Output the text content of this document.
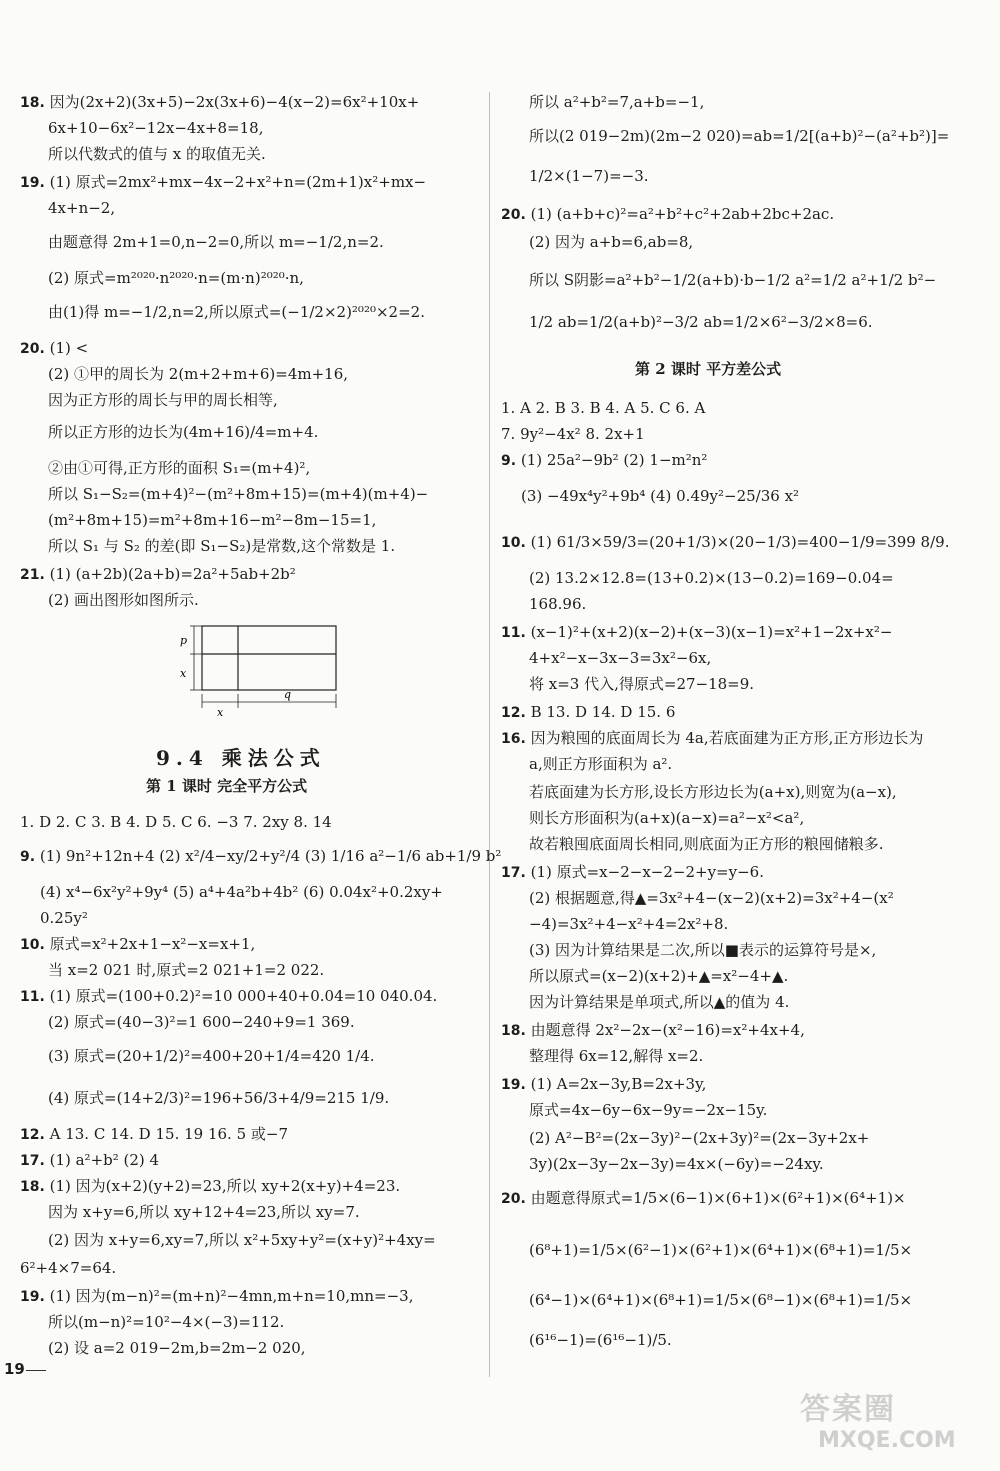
18. 因为(2x+2)(3x+5)−2x(3x+6)−4(x−2)=6x²+10x+
6x+10−6x²−12x−4x+8=18,
所以代数式的值与 x 的取值无关.
19. (1) 原式=2mx²+mx−4x−2+x²+n=(2m+1)x²+mx−
4x+n−2,
由题意得 2m+1=0,n−2=0,所以 m=−1/2,n=2.
(2) 原式=m²⁰²⁰·n²⁰²⁰·n=(m·n)²⁰²⁰·n,
由(1)得 m=−1/2,n=2,所以原式=(−1/2×2)²⁰²⁰×2=2.
20. (1) <
(2) ①甲的周长为 2(m+2+m+6)=4m+16,
因为正方形的周长与甲的周长相等,
所以正方形的边长为(4m+16)/4=m+4.
②由①可得,正方形的面积 S₁=(m+4)²,
所以 S₁−S₂=(m+4)²−(m²+8m+15)=(m+4)(m+4)−
(m²+8m+15)=m²+8m+16−m²−8m−15=1,
所以 S₁ 与 S₂ 的差(即 S₁−S₂)是常数,这个常数是 1.
21. (1) (a+2b)(2a+b)=2a²+5ab+2b²
(2) 画出图形如图所示.
p
x
x
q
9.4 乘法公式
第 1 课时 完全平方公式
1. D 2. C 3. B 4. D 5. C 6. −3 7. 2xy 8. 14
9. (1) 9n²+12n+4 (2) x²/4−xy/2+y²/4 (3) 1/16 a²−1/6 ab+1/9 b²
(4) x⁴−6x²y²+9y⁴ (5) a⁴+4a²b+4b² (6) 0.04x²+0.2xy+
0.25y²
10. 原式=x²+2x+1−x²−x=x+1,
当 x=2 021 时,原式=2 021+1=2 022.
11. (1) 原式=(100+0.2)²=10 000+40+0.04=10 040.04.
(2) 原式=(40−3)²=1 600−240+9=1 369.
(3) 原式=(20+1/2)²=400+20+1/4=420 1/4.
(4) 原式=(14+2/3)²=196+56/3+4/9=215 1/9.
12. A 13. C 14. D 15. 19 16. 5 或−7
17. (1) a²+b² (2) 4
18. (1) 因为(x+2)(y+2)=23,所以 xy+2(x+y)+4=23.
因为 x+y=6,所以 xy+12+4=23,所以 xy=7.
(2) 因为 x+y=6,xy=7,所以 x²+5xy+y²=(x+y)²+4xy=
6²+4×7=64.
19. (1) 因为(m−n)²=(m+n)²−4mn,m+n=10,mn=−3,
所以(m−n)²=10²−4×(−3)=112.
(2) 设 a=2 019−2m,b=2m−2 020,
所以 a²+b²=7,a+b=−1,
所以(2 019−2m)(2m−2 020)=ab=1/2[(a+b)²−(a²+b²)]=
1/2×(1−7)=−3.
20. (1) (a+b+c)²=a²+b²+c²+2ab+2bc+2ac.
(2) 因为 a+b=6,ab=8,
所以 S阴影=a²+b²−1/2(a+b)·b−1/2 a²=1/2 a²+1/2 b²−
1/2 ab=1/2(a+b)²−3/2 ab=1/2×6²−3/2×8=6.
第 2 课时 平方差公式
1. A 2. B 3. B 4. A 5. C 6. A
7. 9y²−4x² 8. 2x+1
9. (1) 25a²−9b² (2) 1−m²n²
(3) −49x⁴y²+9b⁴ (4) 0.49y²−25/36 x²
10. (1) 61/3×59/3=(20+1/3)×(20−1/3)=400−1/9=399 8/9.
(2) 13.2×12.8=(13+0.2)×(13−0.2)=169−0.04=
168.96.
11. (x−1)²+(x+2)(x−2)+(x−3)(x−1)=x²+1−2x+x²−
4+x²−x−3x−3=3x²−6x,
将 x=3 代入,得原式=27−18=9.
12. B 13. D 14. D 15. 6
16. 因为粮囤的底面周长为 4a,若底面建为正方形,正方形边长为
a,则正方形面积为 a².
若底面建为长方形,设长方形边长为(a+x),则宽为(a−x),
则长方形面积为(a+x)(a−x)=a²−x²<a²,
故若粮囤底面周长相同,则底面为正方形的粮囤储粮多.
17. (1) 原式=x−2−x−2−2+y=y−6.
(2) 根据题意,得▲=3x²+4−(x−2)(x+2)=3x²+4−(x²
−4)=3x²+4−x²+4=2x²+8.
(3) 因为计算结果是二次,所以■表示的运算符号是×,
所以原式=(x−2)(x+2)+▲=x²−4+▲.
因为计算结果是单项式,所以▲的值为 4.
18. 由题意得 2x²−2x−(x²−16)=x²+4x+4,
整理得 6x=12,解得 x=2.
19. (1) A=2x−3y,B=2x+3y,
原式=4x−6y−6x−9y=−2x−15y.
(2) A²−B²=(2x−3y)²−(2x+3y)²=(2x−3y+2x+
3y)(2x−3y−2x−3y)=4x×(−6y)=−24xy.
20. 由题意得原式=1/5×(6−1)×(6+1)×(6²+1)×(6⁴+1)×
(6⁸+1)=1/5×(6²−1)×(6²+1)×(6⁴+1)×(6⁸+1)=1/5×
(6⁴−1)×(6⁴+1)×(6⁸+1)=1/5×(6⁸−1)×(6⁸+1)=1/5×
(6¹⁶−1)=(6¹⁶−1)/5.
19
答案圈
MXQE.COM
